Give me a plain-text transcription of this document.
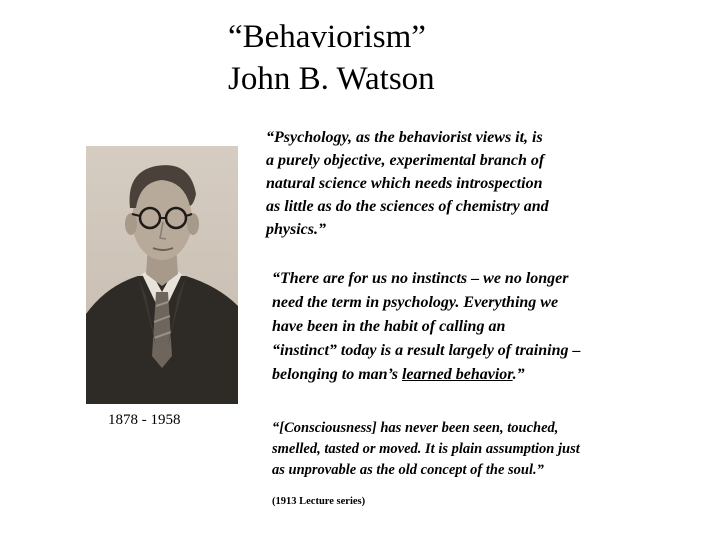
“Behaviorism”
John B. Watson
1878 - 1958
“Psychology, as the behaviorist views it, is
a purely objective, experimental branch of
natural science which needs introspection
as little as do the sciences of chemistry and
physics.”
“There are for us no instincts – we no longer
need the term in psychology. Everything we
have been in the habit of calling an
“instinct” today is a result largely of training –
belonging to man’s learned behavior.”
“[Consciousness] has never been seen, touched,
smelled, tasted or moved. It is plain assumption just
as unprovable as the old concept of the soul.”
(1913 Lecture series)
